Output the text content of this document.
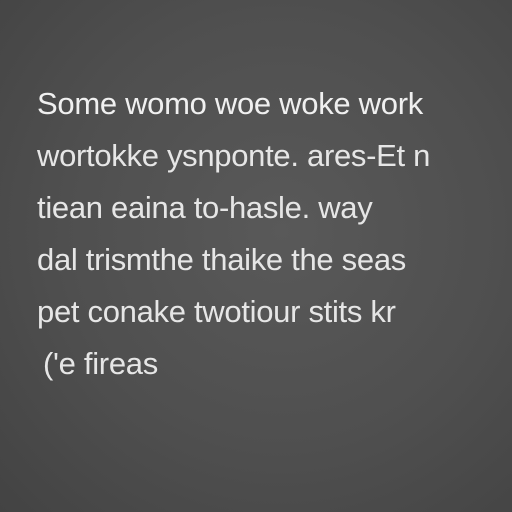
Some womo woe woke work
wortokke ysnponte. ares-Et n
tiean eaina to-hasle. way
dal trismthe thaike the seas
pet conake twotiour stits kr
('e fireas
